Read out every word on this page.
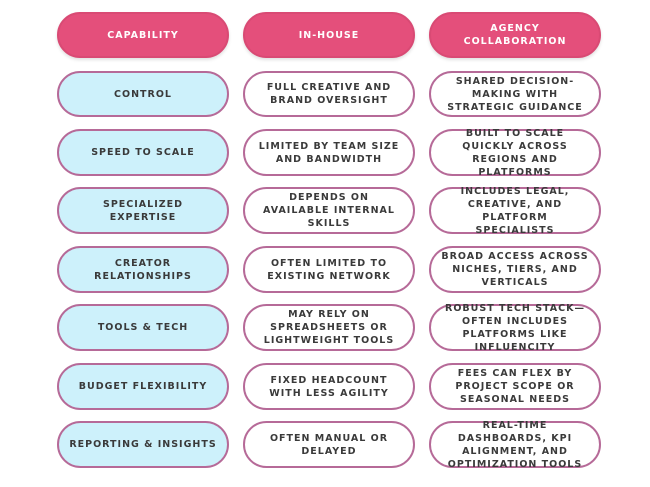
CAPABILITY	IN-HOUSE
AGENCY COLLABORATION
CONTROL
FULL CREATIVE AND BRAND OVERSIGHT
SHARED DECISION-MAKING WITH STRATEGIC GUIDANCE
SPEED TO SCALE
LIMITED BY TEAM SIZE AND BANDWIDTH
BUILT TO SCALE QUICKLY ACROSS REGIONS AND PLATFORMS
SPECIALIZED EXPERTISE
DEPENDS ON AVAILABLE INTERNAL SKILLS
INCLUDES LEGAL, CREATIVE, AND PLATFORM SPECIALISTS
CREATOR RELATIONSHIPS
OFTEN LIMITED TO EXISTING NETWORK
BROAD ACCESS ACROSS NICHES, TIERS, AND VERTICALS
TOOLS & TECH
MAY RELY ON SPREADSHEETS OR LIGHTWEIGHT TOOLS
ROBUST TECH STACK—OFTEN INCLUDES PLATFORMS LIKE INFLUENCITY
BUDGET FLEXIBILITY
FIXED HEADCOUNT WITH LESS AGILITY
FEES CAN FLEX BY PROJECT SCOPE OR SEASONAL NEEDS
REPORTING & INSIGHTS
OFTEN MANUAL OR DELAYED
REAL-TIME DASHBOARDS, KPI ALIGNMENT, AND OPTIMIZATION TOOLS
